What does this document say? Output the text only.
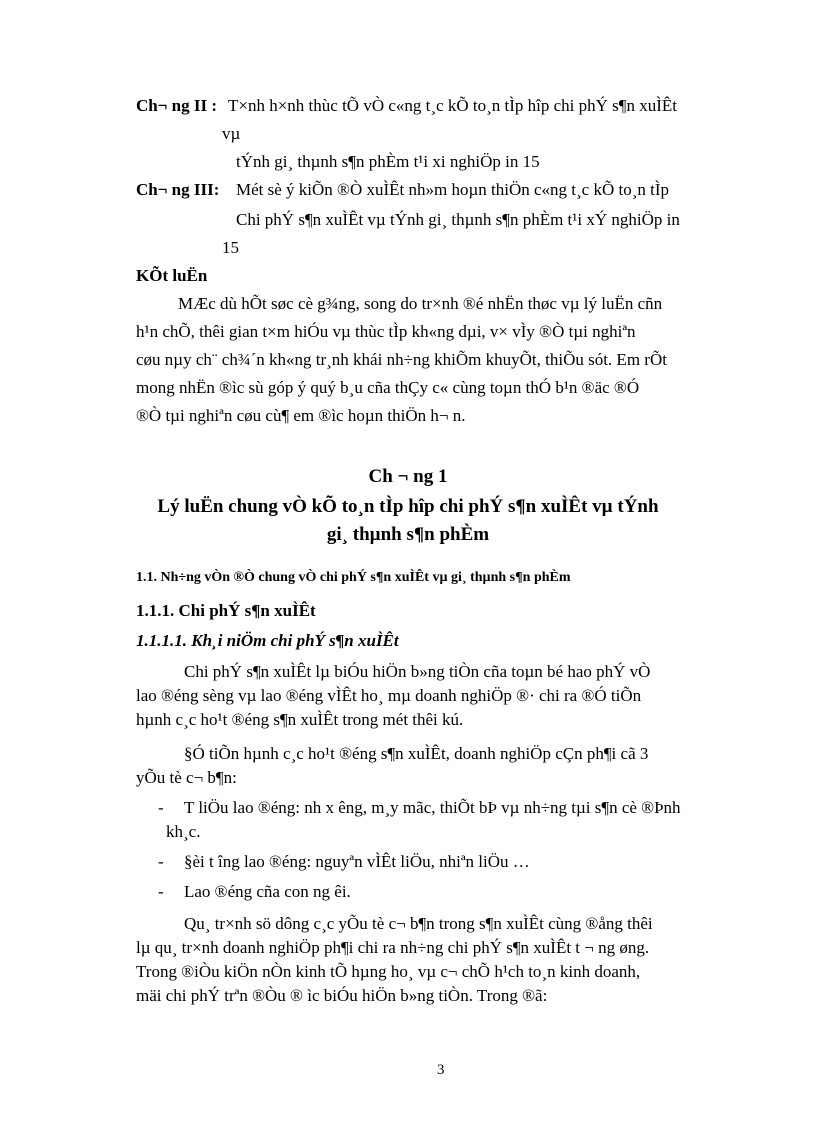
Ch¬ ng II : T×nh h×nh thùc tÕ vÒ c«ng t¸c kÕ to¸n tÌp hîp chi phÝ s¶n xuÌÊt
vµ
tÝnh gi¸ thµnh s¶n phÈm t¹i xi nghiÖp in 15
Ch¬ ng III: Mét sè ý kiÕn ®Ò xuÌÊt nh»m hoµn thiÖn c«ng t¸c kÕ to¸n tÌp
Chi phÝ s¶n xuÌÊt vµ tÝnh gi¸ thµnh s¶n phÈm t¹i xÝ nghiÖp in
15
KÕt luËn
MÆc dù hÕt søc cè g¾ng, song do tr×nh ®é nhËn thøc vµ lý luËn cñn
h¹n chÕ, thêi gian t×m hiÓu vµ thùc tÌp kh«ng dµi, v× vÌy ®Ò tµi nghiªn
cøu nµy ch¨ ch¾´n kh«ng tr¸nh khái nh÷ng khiÕm khuyÕt, thiÕu sót. Em rÕt
mong nhËn ®ìc sù góp ý quý b¸u cña thÇy c« cùng toµn thÓ b¹n ®äc ®Ó
®Ò tµi nghiªn cøu cù¶ em ®ìc hoµn thiÖn h¬ n.
Ch ¬ ng 1
Lý luËn chung vÒ kÕ to¸n tÌp hîp chi phÝ s¶n xuÌÊt vµ tÝnh
gi¸ thµnh s¶n phÈm
1.1. Nh÷ng vÒn ®Ò chung vÒ chi phÝ s¶n xuÌÊt vµ gi¸ thµnh s¶n phÈm
1.1.1. Chi phÝ s¶n xuÌÊt
1.1.1.1. Kh¸i niÖm chi phÝ s¶n xuÌÊt
Chi phÝ s¶n xuÌÊt lµ biÓu hiÖn b»ng tiÒn cña toµn bé hao phÝ vÒ
lao ®éng sèng vµ lao ®éng vÌÊt ho¸ mµ doanh nghiÖp ®· chi ra ®Ó tiÕn
hµnh c¸c ho¹t ®éng s¶n xuÌÊt trong mét thêi kú.
§Ó tiÕn hµnh c¸c ho¹t ®éng s¶n xuÌÊt, doanh nghiÖp cÇn ph¶i cã 3
yÕu tè c¬ b¶n:
- T liÖu lao ®éng: nh x êng, m¸y mãc, thiÕt bÞ vµ nh÷ng tµi s¶n cè ®Þnh
kh¸c.
- §èi t îng lao ®éng: nguyªn vÌÊt liÖu, nhiªn liÖu …
- Lao ®éng cña con ng êi.
Qu¸ tr×nh sö dông c¸c yÕu tè c¬ b¶n trong s¶n xuÌÊt cùng ®ång thêi
lµ qu¸ tr×nh doanh nghiÖp ph¶i chi ra nh÷ng chi phÝ s¶n xuÌÊt t ¬ ng øng.
Trong ®iÒu kiÖn nÒn kinh tÕ hµng ho¸ vµ c¬ chÕ h¹ch to¸n kinh doanh,
mäi chi phÝ trªn ®Òu ® ìc biÓu hiÖn b»ng tiÒn. Trong ®ã:
3
